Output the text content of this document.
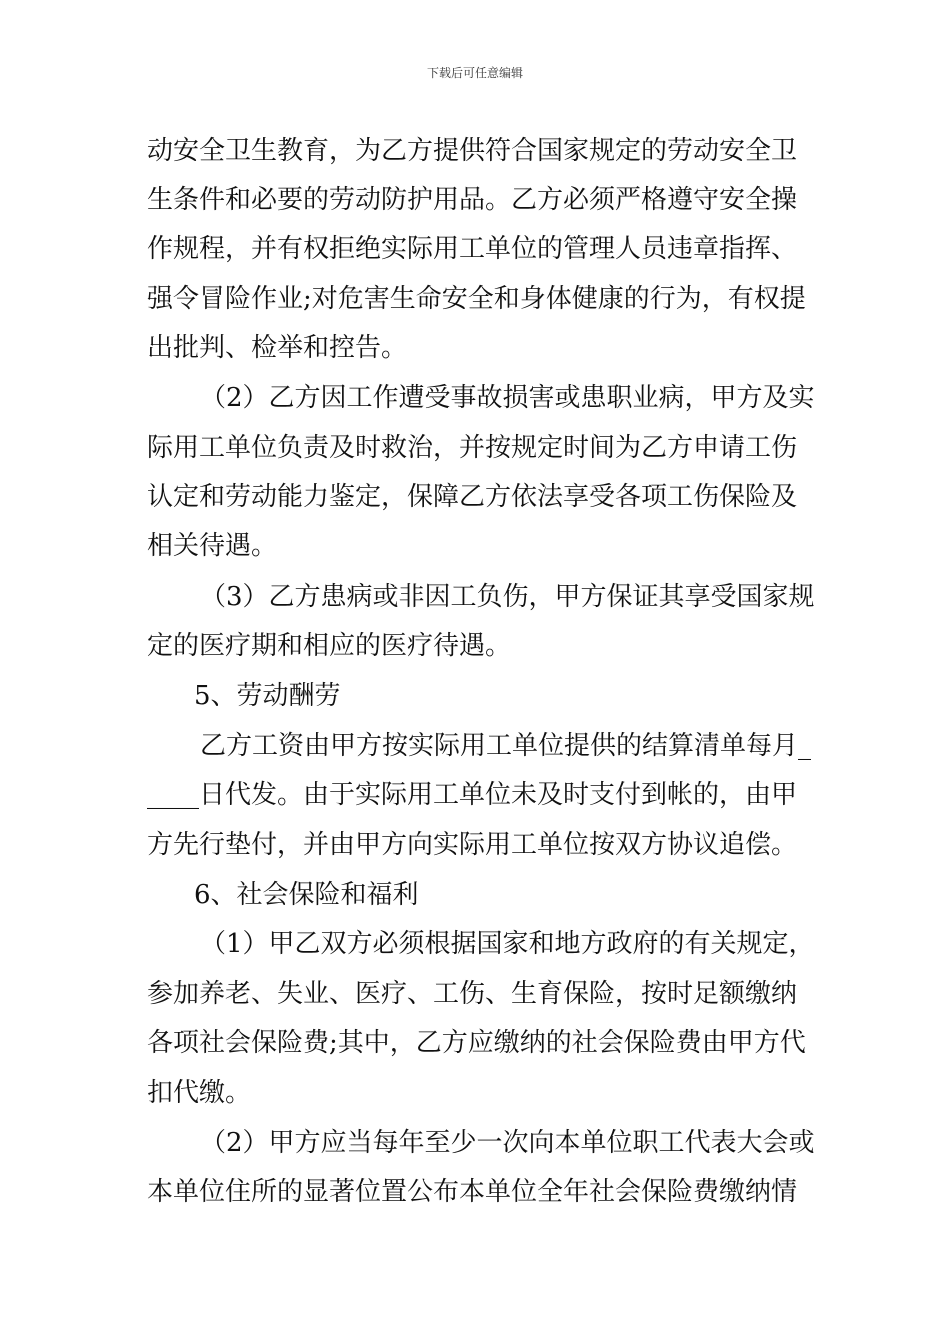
下载后可任意编辑
动安全卫生教育，为乙方提供符合国家规定的劳动安全卫
生条件和必要的劳动防护用品。乙方必须严格遵守安全操
作规程，并有权拒绝实际用工单位的管理人员违章指挥、
强令冒险作业;对危害生命安全和身体健康的行为，有权提
出批判、检举和控告。
（2）乙方因工作遭受事故损害或患职业病，甲方及实
际用工单位负责及时救治，并按规定时间为乙方申请工伤
认定和劳动能力鉴定，保障乙方依法享受各项工伤保险及
相关待遇。
（3）乙方患病或非因工负伤，甲方保证其享受国家规
定的医疗期和相应的医疗待遇。
5、劳动酬劳
乙方工资由甲方按实际用工单位提供的结算清单每月_
____日代发。由于实际用工单位未及时支付到帐的，由甲
方先行垫付，并由甲方向实际用工单位按双方协议追偿。
6、社会保险和福利
（1）甲乙双方必须根据国家和地方政府的有关规定，
参加养老、失业、医疗、工伤、生育保险，按时足额缴纳
各项社会保险费;其中，乙方应缴纳的社会保险费由甲方代
扣代缴。
（2）甲方应当每年至少一次向本单位职工代表大会或
本单位住所的显著位置公布本单位全年社会保险费缴纳情
